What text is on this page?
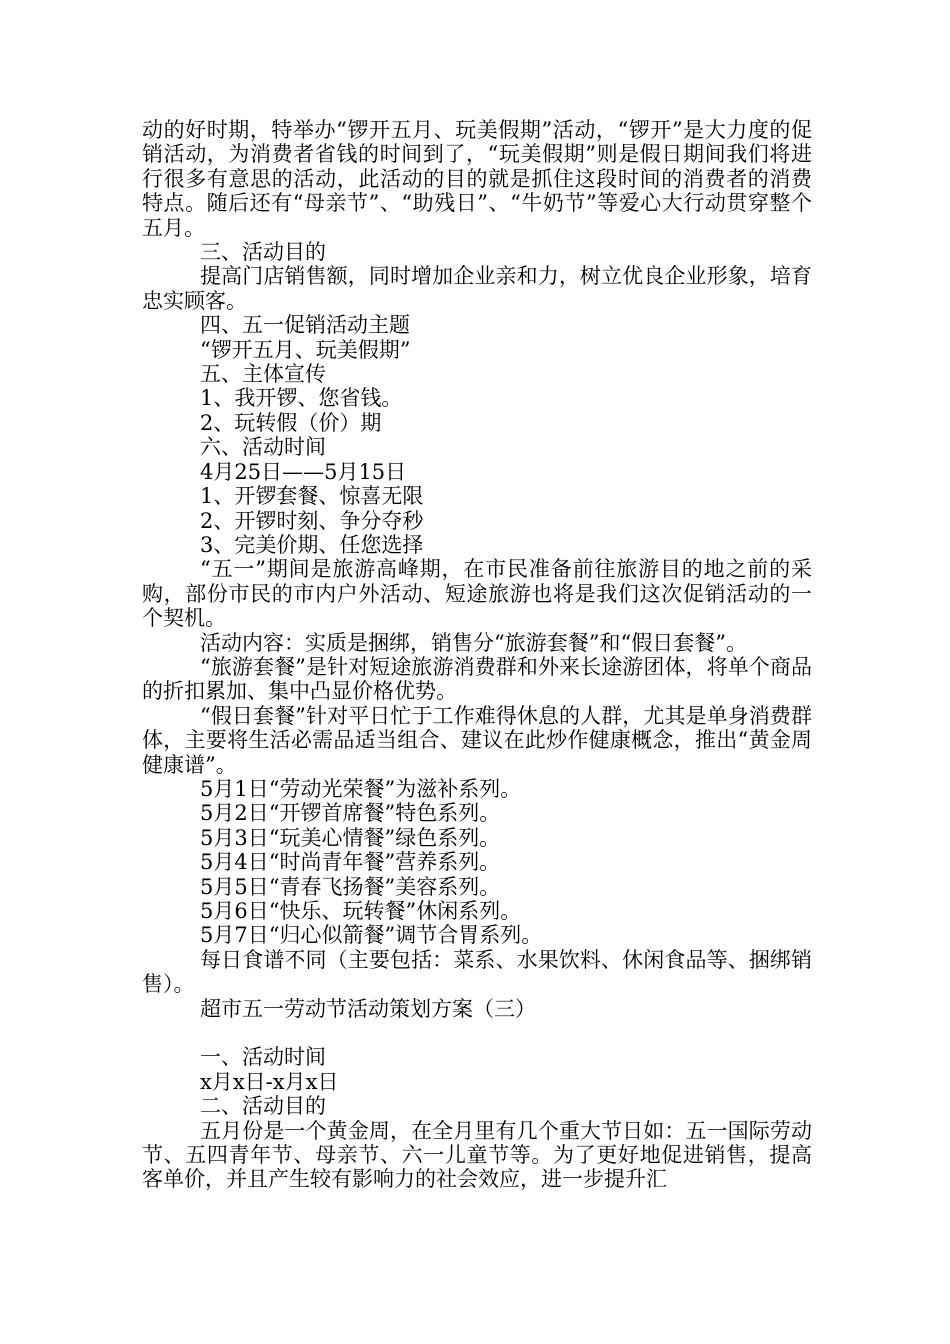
动的好时期，特举办“锣开五月、玩美假期”活动，“锣开”是大力度的促销活动，为消费者省钱的时间到了，“玩美假期”则是假日期间我们将进行很多有意思的活动，此活动的目的就是抓住这段时间的消费者的消费特点。随后还有“母亲节”、“助残日”、“牛奶节”等爱心大行动贯穿整个五月。

三、活动目的

提高门店销售额，同时增加企业亲和力，树立优良企业形象，培育忠实顾客。

四、五一促销活动主题

“锣开五月、玩美假期”

五、主体宣传

1、我开锣、您省钱。

2、玩转假（价）期

六、活动时间

4月25日——5月15日

1、开锣套餐、惊喜无限

2、开锣时刻、争分夺秒

3、完美价期、任您选择

“五一”期间是旅游高峰期，在市民准备前往旅游目的地之前的采购，部份市民的市内户外活动、短途旅游也将是我们这次促销活动的一个契机。

活动内容：实质是捆绑，销售分“旅游套餐”和“假日套餐”。

“旅游套餐”是针对短途旅游消费群和外来长途游团体，将单个商品的折扣累加、集中凸显价格优势。

“假日套餐”针对平日忙于工作难得休息的人群，尤其是单身消费群体，主要将生活必需品适当组合、建议在此炒作健康概念，推出“黄金周健康谱”。

5月1日“劳动光荣餐”为滋补系列。

5月2日“开锣首席餐”特色系列。

5月3日“玩美心情餐”绿色系列。

5月4日“时尚青年餐”营养系列。

5月5日“青春飞扬餐”美容系列。

5月6日“快乐、玩转餐”休闲系列。

5月7日“归心似箭餐”调节合胃系列。

每日食谱不同（主要包括：菜系、水果饮料、休闲食品等、捆绑销售）。

超市五一劳动节活动策划方案（三）

一、活动时间

x月x日-x月x日

二、活动目的

五月份是一个黄金周，在全月里有几个重大节日如：五一国际劳动节、五四青年节、母亲节、六一儿童节等。为了更好地促进销售，提高客单价，并且产生较有影响力的社会效应，进一步提升汇
